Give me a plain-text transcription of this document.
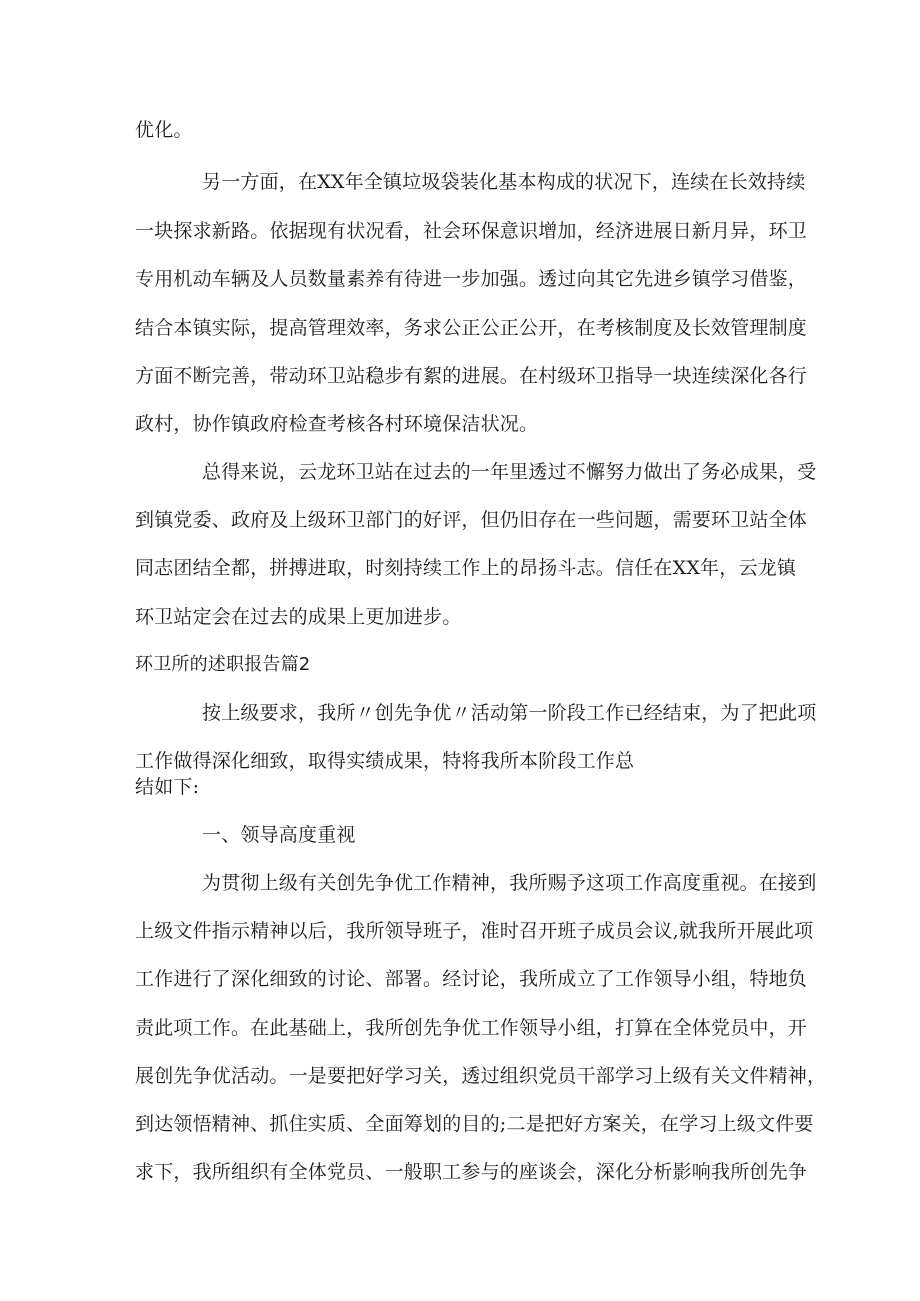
优化。
另一方面，在XX年全镇垃圾袋装化基本构成的状况下，连续在长效持续
一块探求新路。依据现有状况看，社会环保意识增加，经济进展日新月异，环卫
专用机动车辆及人员数量素养有待进一步加强。透过向其它先进乡镇学习借鉴，
结合本镇实际，提高管理效率，务求公正公正公开，在考核制度及长效管理制度
方面不断完善，带动环卫站稳步有絮的进展。在村级环卫指导一块连续深化各行
政村，协作镇政府检查考核各村环境保洁状况。
总得来说，云龙环卫站在过去的一年里透过不懈努力做出了务必成果，受
到镇党委、政府及上级环卫部门的好评，但仍旧存在一些问题，需要环卫站全体
同志团结全都，拼搏进取，时刻持续工作上的昂扬斗志。信任在XX年，云龙镇
环卫站定会在过去的成果上更加进步。
环卫所的述职报告篇2
按上级要求，我所〃创先争优〃活动第一阶段工作已经结束，为了把此项
工作做得深化细致，取得实绩成果，特将我所本阶段工作总
结如下:
一、领导高度重视
为贯彻上级有关创先争优工作精神，我所赐予这项工作高度重视。在接到
上级文件指示精神以后，我所领导班子，准时召开班子成员会议,就我所开展此项
工作进行了深化细致的讨论、部署。经讨论，我所成立了工作领导小组，特地负
责此项工作。在此基础上，我所创先争优工作领导小组，打算在全体党员中，开
展创先争优活动。一是要把好学习关，透过组织党员干部学习上级有关文件精神，
到达领悟精神、抓住实质、全面筹划的目的;二是把好方案关，在学习上级文件要
求下，我所组织有全体党员、一般职工参与的座谈会，深化分析影响我所创先争
